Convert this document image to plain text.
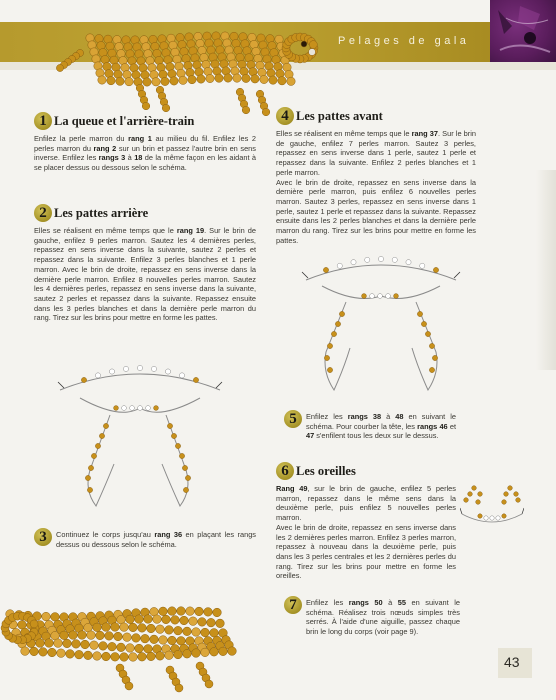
Pelages de gala
1 La queue et l'arrière-train
Enfilez la perle marron du rang 1 au milieu du fil. Enfilez les 2 perles marron du rang 2 sur un brin et passez l'autre brin en sens inverse. Enfilez les rangs 3 à 18 de la même façon en les aidant à se placer dessus ou dessous selon le schéma.
2 Les pattes arrière
Elles se réalisent en même temps que le rang 19. Sur le brin de gauche, enfilez 9 perles marron. Sautez les 4 dernières perles, repassez en sens inverse dans la suivante, sautez 2 perles et repassez dans la suivante. Enfilez 3 perles blanches et 1 perle marron. Avec le brin de droite, repassez en sens inverse dans la dernière perle marron. Enfilez 8 nouvelles perles marron. Sautez les 4 dernières perles, repassez en sens inverse dans la suivante, sautez 2 perles et repassez dans la suivante. Repassez ensuite dans les 3 perles blanches et dans la dernière perle marron du rang. Tirez sur les brins pour mettre en forme les pattes.
3	Continuez le corps jusqu'au rang 36 en plaçant les rangs dessus ou dessous selon le schéma.
4 Les pattes avant
Elles se réalisent en même temps que le rang 37. Sur le brin de gauche, enfilez 7 perles marron. Sautez 3 perles, repassez en sens inverse dans 1 perle, sautez 1 perle et repassez dans la suivante. Enfilez 2 perles blanches et 1 perle marron.
Avec le brin de droite, repassez en sens inverse dans la dernière perle marron, puis enfilez 6 nouvelles perles marron. Sautez 3 perles, repassez en sens inverse dans 1 perle, sautez 1 perle et repassez dans la suivante. Repassez ensuite dans les 2 perles blanches et dans la dernière perle marron du rang. Tirez sur les brins pour mettre en forme les pattes.
5	Enfilez les rangs 38 à 48 en suivant le schéma. Pour courber la tête, les rangs 46 et 47 s'enfilent tous les deux sur le dessus.
6 Les oreilles
Rang 49, sur le brin de gauche, enfilez 5 perles marron, repassez dans le même sens dans la deuxième perle, puis enfilez 5 nouvelles perles marron.
Avec le brin de droite, repassez en sens inverse dans les 2 dernières perles marron. Enfilez 3 perles marron, repassez à nouveau dans la deuxième perle, puis dans les 3 perles centrales et les 2 dernières perles du rang. Tirez sur les brins pour mettre en forme les oreilles.
7	Enfilez les rangs 50 à 55 en suivant le schéma. Réalisez trois nœuds simples très serrés. À l'aide d'une aiguille, passez chaque brin le long du corps (voir page 9).
43
